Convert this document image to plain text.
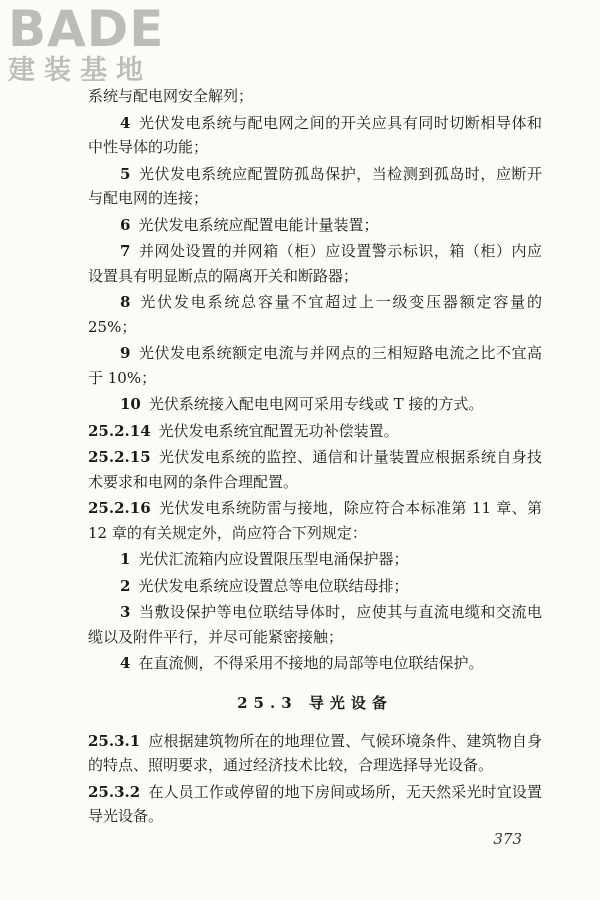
BADE
建装基地

系统与配电网安全解列；

4 光伏发电系统与配电网之间的开关应具有同时切断相导体和中性导体的功能；

5 光伏发电系统应配置防孤岛保护，当检测到孤岛时，应断开与配电网的连接；

6 光伏发电系统应配置电能计量装置；

7 并网处设置的并网箱（柜）应设置警示标识，箱（柜）内应设置具有明显断点的隔离开关和断路器；

8 光伏发电系统总容量不宜超过上一级变压器额定容量的 25%；

9 光伏发电系统额定电流与并网点的三相短路电流之比不宜高于 10%；

10 光伏系统接入配电电网可采用专线或 T 接的方式。

25.2.14 光伏发电系统宜配置无功补偿装置。

25.2.15 光伏发电系统的监控、通信和计量装置应根据系统自身技术要求和电网的条件合理配置。

25.2.16 光伏发电系统防雷与接地，除应符合本标准第 11 章、第 12 章的有关规定外，尚应符合下列规定：

1 光伏汇流箱内应设置限压型电涌保护器；

2 光伏发电系统应设置总等电位联结母排；

3 当敷设保护等电位联结导体时，应使其与直流电缆和交流电缆以及附件平行，并尽可能紧密接触；

4 在直流侧，不得采用不接地的局部等电位联结保护。

25.3 导光设备

25.3.1 应根据建筑物所在的地理位置、气候环境条件、建筑物自身的特点、照明要求，通过经济技术比较，合理选择导光设备。

25.3.2 在人员工作或停留的地下房间或场所，无天然采光时宜设置导光设备。

373
